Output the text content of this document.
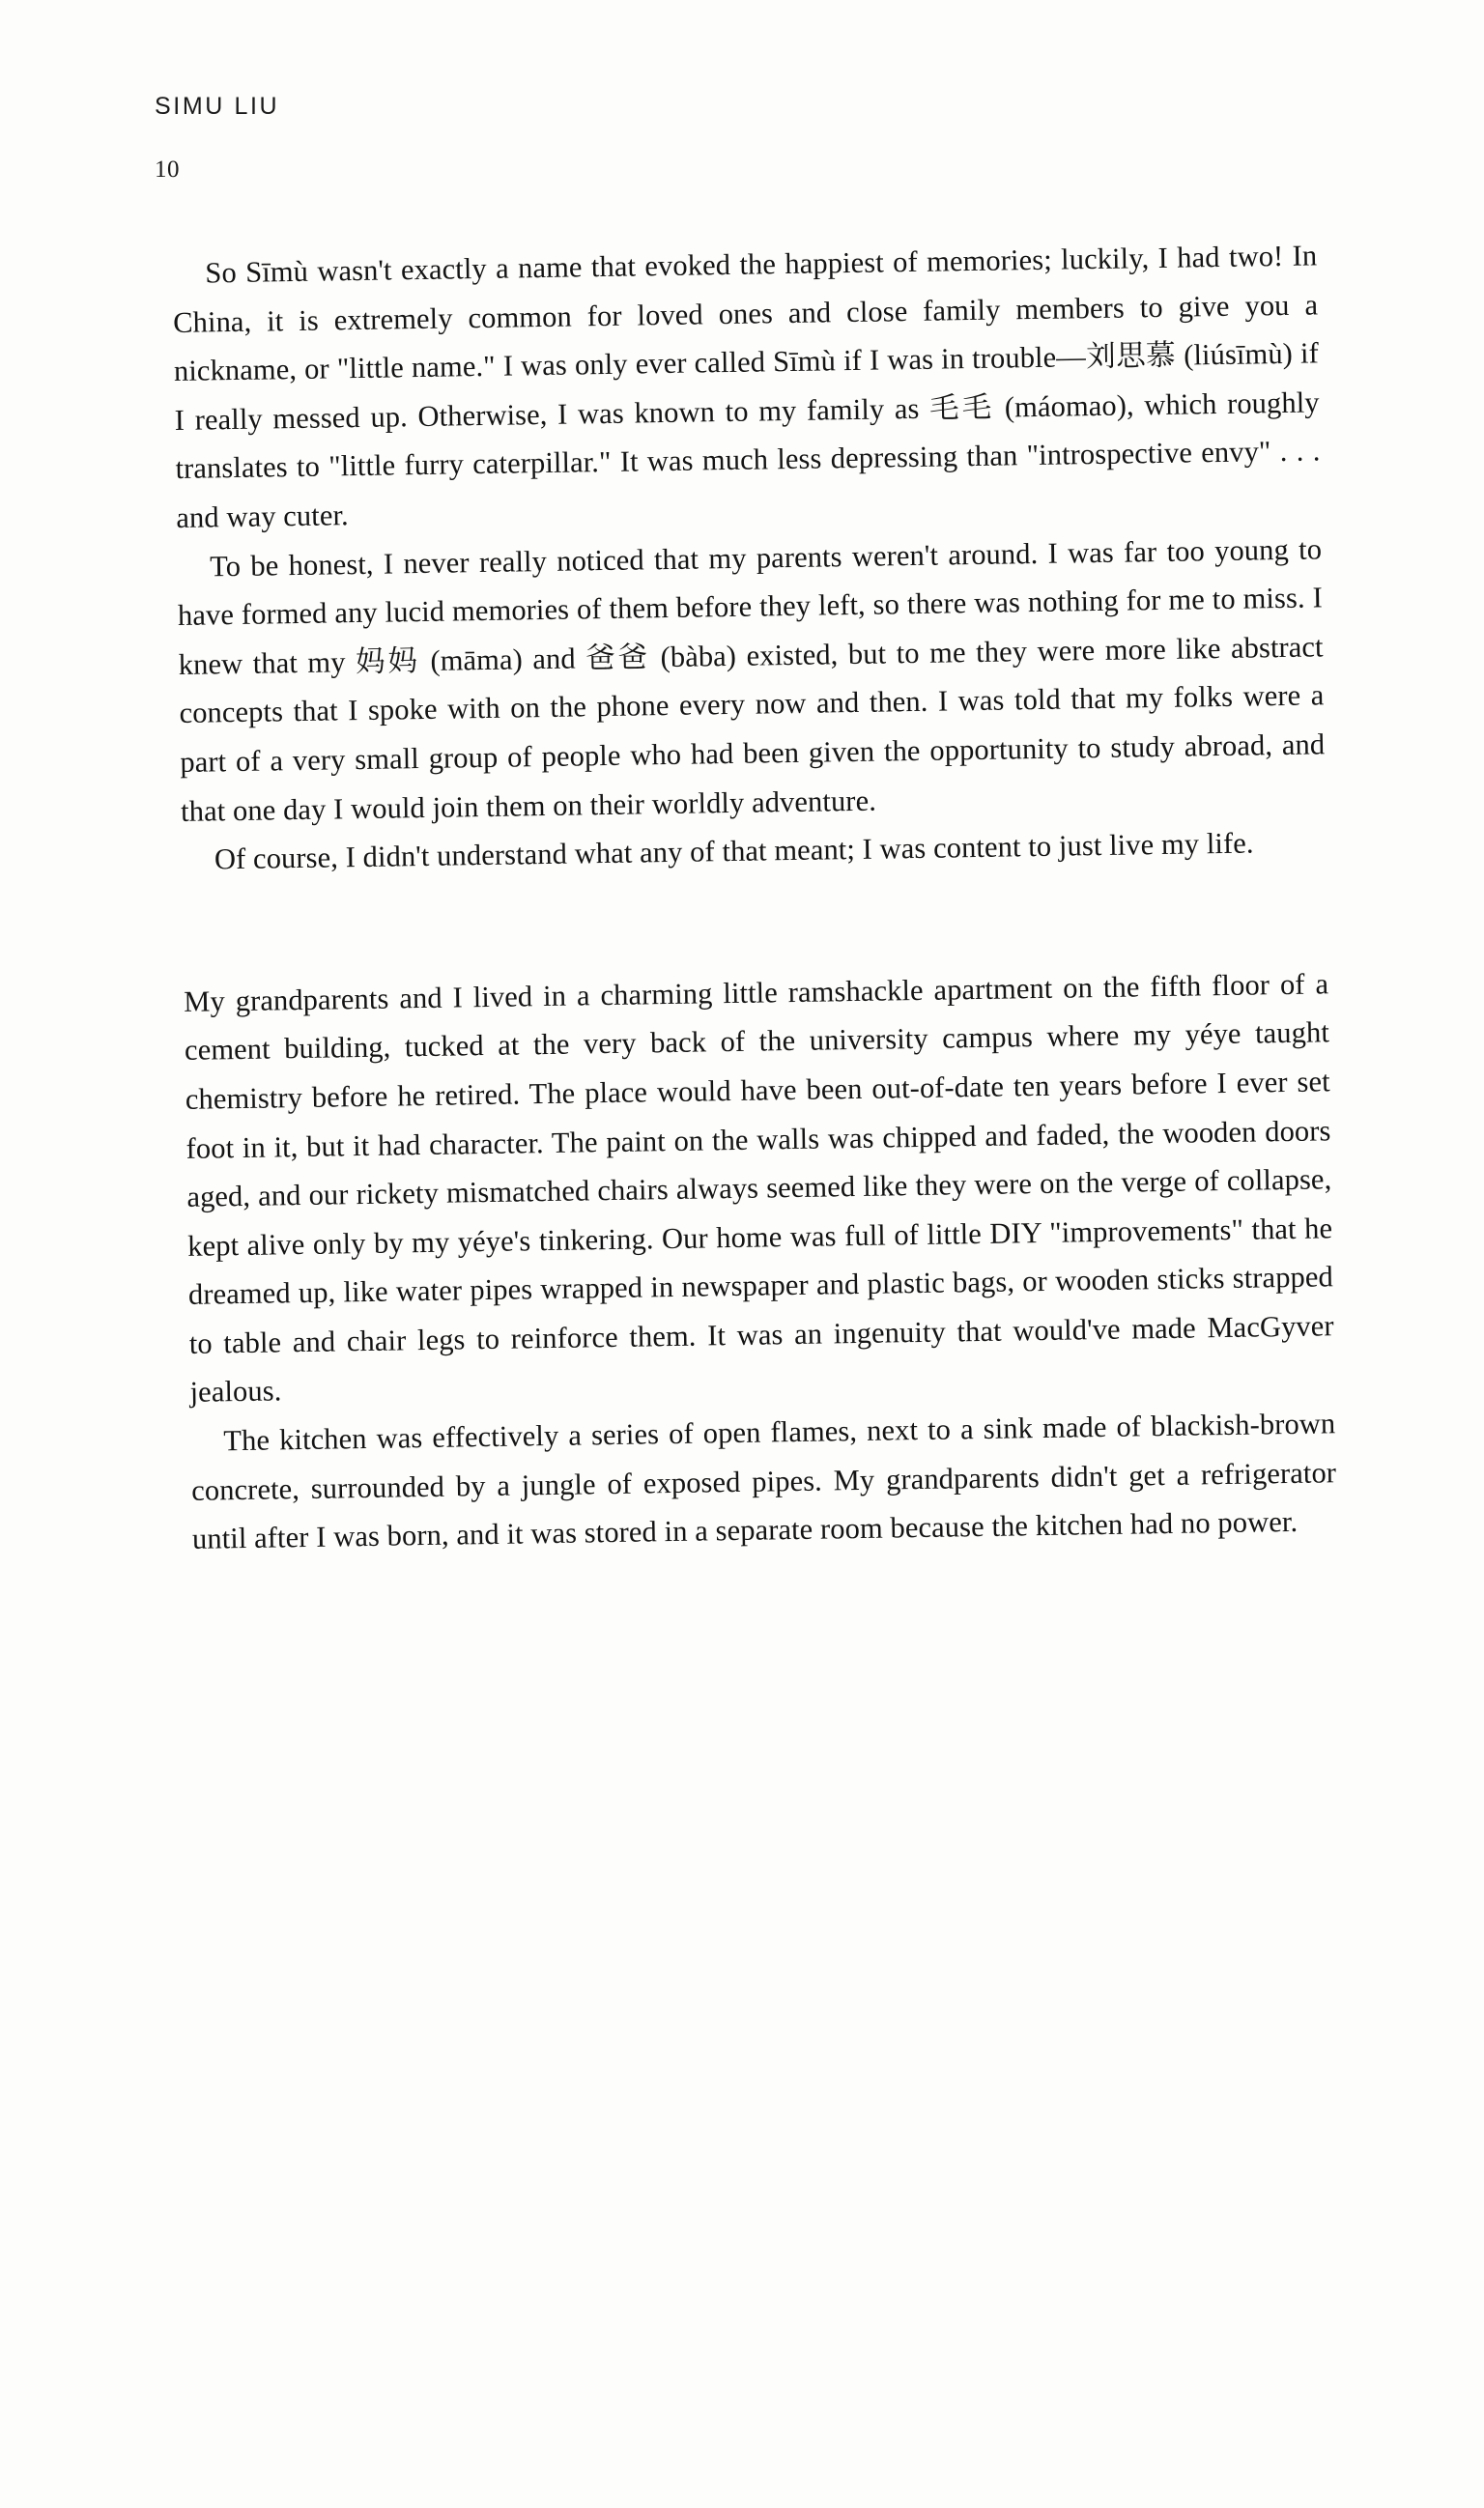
SIMU LIU
10

So Sīmù wasn't exactly a name that evoked the happiest of memories; luckily, I had two! In China, it is extremely common for loved ones and close family members to give you a nickname, or "little name." I was only ever called Sīmù if I was in trouble—刘思慕 (liúsīmù) if I really messed up. Otherwise, I was known to my family as 毛毛 (máomao), which roughly translates to "little furry caterpillar." It was much less depressing than "introspective envy" . . . and way cuter.

To be honest, I never really noticed that my parents weren't around. I was far too young to have formed any lucid memories of them before they left, so there was nothing for me to miss. I knew that my 妈妈 (māma) and 爸爸 (bàba) existed, but to me they were more like abstract concepts that I spoke with on the phone every now and then. I was told that my folks were a part of a very small group of people who had been given the opportunity to study abroad, and that one day I would join them on their worldly adventure.

Of course, I didn't understand what any of that meant; I was content to just live my life.

My grandparents and I lived in a charming little ramshackle apartment on the fifth floor of a cement building, tucked at the very back of the university campus where my yéye taught chemistry before he retired. The place would have been out-of-date ten years before I ever set foot in it, but it had character. The paint on the walls was chipped and faded, the wooden doors aged, and our rickety mismatched chairs always seemed like they were on the verge of collapse, kept alive only by my yéye's tinkering. Our home was full of little DIY "improvements" that he dreamed up, like water pipes wrapped in newspaper and plastic bags, or wooden sticks strapped to table and chair legs to reinforce them. It was an ingenuity that would've made MacGyver jealous.

The kitchen was effectively a series of open flames, next to a sink made of blackish-brown concrete, surrounded by a jungle of exposed pipes. My grandparents didn't get a refrigerator until after I was born, and it was stored in a separate room because the kitchen had no power.
